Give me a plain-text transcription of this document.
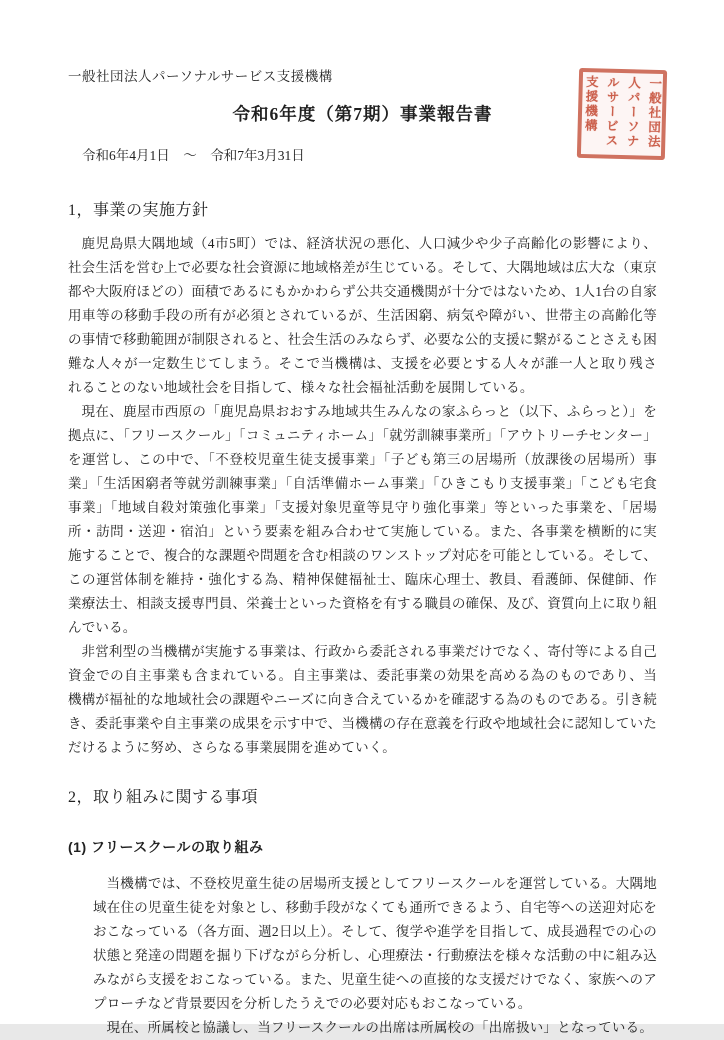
一般社団法
人パーソナ
ルサービス
支援機構
一般社団法人パーソナルサービス支援機構
令和6年度（第7期）事業報告書
令和6年4月1日　～　令和7年3月31日
1，事業の実施方針

鹿児島県大隅地域（4市5町）では、経済状況の悪化、人口減少や少子高齢化の影響により、社会生活を営む上で必要な社会資源に地域格差が生じている。そして、大隅地域は広大な（東京都や大阪府ほどの）面積であるにもかかわらず公共交通機関が十分ではないため、1人1台の自家用車等の移動手段の所有が必須とされているが、生活困窮、病気や障がい、世帯主の高齢化等の事情で移動範囲が制限されると、社会生活のみならず、必要な公的支援に繋がることさえも困難な人々が一定数生じてしまう。そこで当機構は、支援を必要とする人々が誰一人と取り残されることのない地域社会を目指して、様々な社会福祉活動を展開している。

現在、鹿屋市西原の「鹿児島県おおすみ地域共生みんなの家ふらっと（以下、ふらっと）」を拠点に、「フリースクール」「コミュニティホーム」「就労訓練事業所」「アウトリーチセンター」を運営し、この中で、「不登校児童生徒支援事業」「子ども第三の居場所（放課後の居場所）事業」「生活困窮者等就労訓練事業」「自活準備ホーム事業」「ひきこもり支援事業」「こども宅食事業」「地域自殺対策強化事業」「支援対象児童等見守り強化事業」等といった事業を、「居場所・訪問・送迎・宿泊」という要素を組み合わせて実施している。また、各事業を横断的に実施することで、複合的な課題や問題を含む相談のワンストップ対応を可能としている。そして、この運営体制を維持・強化する為、精神保健福祉士、臨床心理士、教員、看護師、保健師、作業療法士、相談支援専門員、栄養士といった資格を有する職員の確保、及び、資質向上に取り組んでいる。

非営利型の当機構が実施する事業は、行政から委託される事業だけでなく、寄付等による自己資金での自主事業も含まれている。自主事業は、委託事業の効果を高める為のものであり、当機構が福祉的な地域社会の課題やニーズに向き合えているかを確認する為のものである。引き続き、委託事業や自主事業の成果を示す中で、当機構の存在意義を行政や地域社会に認知していただけるように努め、さらなる事業展開を進めていく。

2，取り組みに関する事項
(1) フリースクールの取り組み

当機構では、不登校児童生徒の居場所支援としてフリースクールを運営している。大隅地域在住の児童生徒を対象とし、移動手段がなくても通所できるよう、自宅等への送迎対応をおこなっている（各方面、週2日以上）。そして、復学や進学を目指して、成長過程での心の状態と発達の問題を掘り下げながら分析し、心理療法・行動療法を様々な活動の中に組み込みながら支援をおこなっている。また、児童生徒への直接的な支援だけでなく、家族へのアプローチなど背景要因を分析したうえでの必要対応もおこなっている。

現在、所属校と協議し、当フリースクールの出席は所属校の「出席扱い」となっている。
